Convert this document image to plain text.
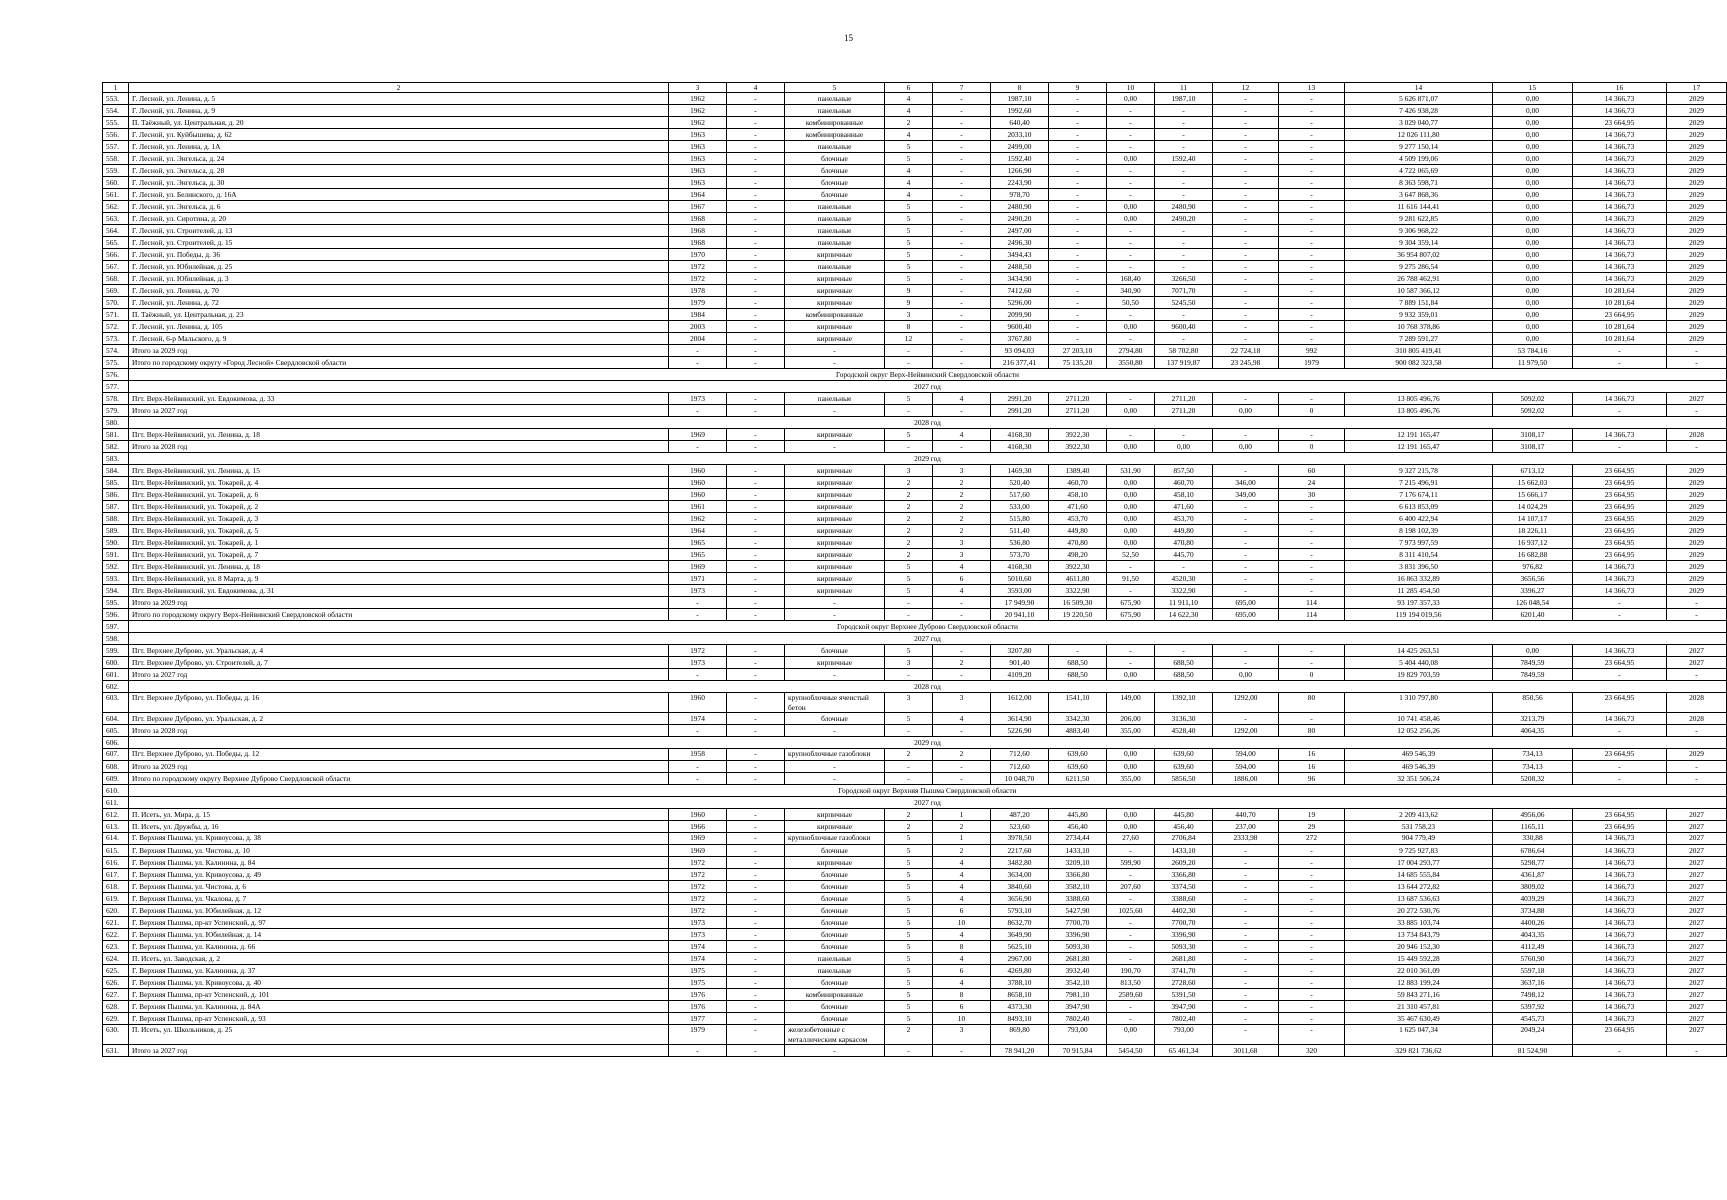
15
1	2	3	4	5	6	7	8	9	10	11	12	13	14	15	16	17
553.	Г. Лесной, ул. Ленина, д. 5	1962	-	панельные	4	-	1987,10	-	0,00	1987,10	-	-	5 626 871,07	0,00	14 366,73	2029
554.	Г. Лесной, ул. Ленина, д. 9	1962	-	панельные	4	-	1992,60	-	-	-	-	-	7 426 938,28	0,00	14 366,73	2029
555.	П. Таёжный, ул. Центральная, д. 20	1962	-	комбинированные	2	-	640,40	-	-	-	-	-	3 029 040,77	0,00	23 664,95	2029
556.	Г. Лесной, ул. Куйбышева, д. 62	1963	-	комбинированные	4	-	2033,10	-	-	-	-	-	12 026 111,80	0,00	14 366,73	2029
557.	Г. Лесной, ул. Ленина, д. 1А	1963	-	панельные	5	-	2499,00	-	-	-	-	-	9 277 150,14	0,00	14 366,73	2029
558.	Г. Лесной, ул. Энгельса, д. 24	1963	-	блочные	5	-	1592,40	-	0,00	1592,40	-	-	4 509 199,06	0,00	14 366,73	2029
559.	Г. Лесной, ул. Энгельса, д. 28	1963	-	блочные	4	-	1266,90	-	-	-	-	-	4 722 065,69	0,00	14 366,73	2029
560.	Г. Лесной, ул. Энгельса, д. 30	1963	-	блочные	4	-	2243,90	-	-	-	-	-	8 363 598,71	0,00	14 366,73	2029
561.	Г. Лесной, ул. Белинского, д. 16А	1964	-	блочные	4	-	978,70	-	-	-	-	-	3 647 868,36	0,00	14 366,73	2029
562.	Г. Лесной, ул. Энгельса, д. 6	1967	-	панельные	5	-	2480,90	-	0,00	2480,90	-	-	11 616 144,41	0,00	14 366,73	2029
563.	Г. Лесной, ул. Сиротина, д. 20	1968	-	панельные	5	-	2490,20	-	0,00	2490,20	-	-	9 281 622,85	0,00	14 366,73	2029
564.	Г. Лесной, ул. Строителей, д. 13	1968	-	панельные	5	-	2497,00	-	-	-	-	-	9 306 968,22	0,00	14 366,73	2029
565.	Г. Лесной, ул. Строителей, д. 15	1968	-	панельные	5	-	2496,30	-	-	-	-	-	9 304 359,14	0,00	14 366,73	2029
566.	Г. Лесной, ул. Победы, д. 36	1970	-	кирпичные	5	-	3494,43	-	-	-	-	-	36 954 807,02	0,00	14 366,73	2029
567.	Г. Лесной, ул. Юбилейная, д. 25	1972	-	панельные	5	-	2488,50	-	-	-	-	-	9 275 286,54	0,00	14 366,73	2029
568.	Г. Лесной, ул. Юбилейная, д. 3	1972	-	кирпичные	5	-	3434,90	-	168,40	3266,50	-	-	26 788 462,91	0,00	14 366,73	2029
569.	Г. Лесной, ул. Ленина, д. 70	1978	-	кирпичные	9	-	7412,60	-	340,90	7071,70	-	-	10 587 366,12	0,00	10 281,64	2029
570.	Г. Лесной, ул. Ленина, д. 72	1979	-	кирпичные	9	-	5296,00	-	50,50	5245,50	-	-	7 889 151,84	0,00	10 281,64	2029
571.	П. Таёжный, ул. Центральная, д. 23	1984	-	комбинированные	3	-	2099,90	-	-	-	-	-	9 932 359,01	0,00	23 664,95	2029
572.	Г. Лесной, ул. Ленина, д. 105	2003	-	кирпичные	8	-	9600,40	-	0,00	9600,40	-	-	10 768 378,86	0,00	10 281,64	2029
573.	Г. Лесной, 6-р Мальского, д. 9	2004	-	кирпичные	12	-	3767,80	-	-	-	-	-	7 289 591,27	0,00	10 281,64	2029
574.	Итого за 2029 год	-	-	-	-	-	93 094,03	27 203,10	2794,80	58 702,80	22 724,18	992	310 805 419,41	53 784,16	-	-
575.	Итого по городскому округу «Город Лесной» Свердловской области	-	-	-	-	-	216 377,41	75 135,20	3550,80	137 919,87	23 245,98	1979	900 082 323,58	11 979,50	-	-
576.	Городской округ Верх-Нейвинский Свердловской области															
577.	2027 год															
578.	Пгт. Верх-Нейвинский, ул. Евдокимова, д. 33	1973	-	панельные	5	4	2991,20	2711,20	-	2711,20	-	-	13 805 496,76	5092,02	14 366,73	2027
579.	Итого за 2027 год	-	-	-	-	-	2991,20	2711,20	0,00	2711,20	0,00	0	13 805 496,76	5092,02	-	-
580.	2028 год															
581.	Пгт. Верх-Нейвинский, ул. Ленина, д. 18	1969	-	кирпичные	5	4	4168,30	3922,30	-	-	-	-	12 191 165,47	3108,17	14 366,73	2028
582.	Итого за 2028 год	-	-	-	-	-	4168,30	3922,30	0,00	0,00	0,00	0	12 191 165,47	3108,17	-	-
583.	2029 год															
584.	Пгт. Верх-Нейвинский, ул. Ленина, д. 15	1960	-	кирпичные	3	3	1469,30	1389,40	531,90	857,50	-	60	9 327 215,78	6713,12	23 664,95	2029
585.	Пгт. Верх-Нейвинский, ул. Токарей, д. 4	1960	-	кирпичные	2	2	520,40	460,70	0,00	460,70	346,00	24	7 215 496,91	15 662,03	23 664,95	2029
586.	Пгт. Верх-Нейвинский, ул. Токарей, д. 6	1960	-	кирпичные	2	2	517,60	458,10	0,00	458,10	349,00	30	7 176 674,11	15 666,17	23 664,95	2029
587.	Пгт. Верх-Нейвинский, ул. Токарей, д. 2	1961	-	кирпичные	2	2	533,00	471,60	0,00	471,60	-	-	6 613 853,09	14 024,29	23 664,95	2029
588.	Пгт. Верх-Нейвинский, ул. Токарей, д. 3	1962	-	кирпичные	2	2	515,80	453,70	0,00	453,70	-	-	6 400 422,94	14 107,17	23 664,95	2029
589.	Пгт. Верх-Нейвинский, ул. Токарей, д. 5	1964	-	кирпичные	2	2	511,40	449,80	0,00	449,80	-	-	8 198 102,39	18 226,11	23 664,95	2029
590.	Пгт. Верх-Нейвинский, ул. Токарей, д. 1	1965	-	кирпичные	2	3	536,80	470,80	0,00	470,80	-	-	7 973 997,59	16 937,12	23 664,95	2029
591.	Пгт. Верх-Нейвинский, ул. Токарей, д. 7	1965	-	кирпичные	2	3	573,70	498,20	52,50	445,70	-	-	8 311 410,54	16 682,88	23 664,95	2029
592.	Пгт. Верх-Нейвинский, ул. Ленина, д. 18	1969	-	кирпичные	5	4	4168,30	3922,30	-	-	-	-	3 831 396,50	976,82	14 366,73	2029
593.	Пгт. Верх-Нейвинский, ул. 8 Марта, д. 9	1971	-	кирпичные	5	6	5010,60	4611,80	91,50	4520,30	-	-	16 863 332,89	3656,56	14 366,73	2029
594.	Пгт. Верх-Нейвинский, ул. Евдокимова, д. 31	1973	-	кирпичные	5	4	3593,00	3322,90	-	3322,90	-	-	11 285 454,50	3396,27	14 366,73	2029
595.	Итого за 2029 год	-	-	-	-	-	17 949,90	16 509,30	675,90	11 911,10	695,00	114	93 197 357,33	126 048,54	-	-
596.	Итого по городскому округу Верх-Нейвинский Свердловской области	-	-	-	-	-	20 941,10	19 220,50	675,90	14 622,30	695,00	114	119 194 019,56	6201,40	-	-
597.	Городской округ Верхнее Дуброво Свердловской области															
598.	2027 год															
599.	Пгт. Верхнее Дуброво, ул. Уральская, д. 4	1972	-	блочные	5	-	3207,80	-	-	-	-	-	14 425 263,51	0,00	14 366,73	2027
600.	Пгт. Верхнее Дуброво, ул. Строителей, д. 7	1973	-	кирпичные	3	2	901,40	688,50	-	688,50	-	-	5 404 440,08	7849,59	23 664,95	2027
601.	Итого за 2027 год	-	-	-	-	-	4109,20	688,50	0,00	688,50	0,00	0	19 829 703,59	7849,59	-	-
602.	2028 год															
603.	Пгт. Верхнее Дуброво, ул. Победы, д. 16	1960	-	крупноблочные ячеистый бетон	3	3	1612,00	1541,10	149,00	1392,10	1292,00	80	1 310 797,80	850,56	23 664,95	2028
604.	Пгт. Верхнее Дуброво, ул. Уральская, д. 2	1974	-	блочные	5	4	3614,90	3342,30	206,00	3136,30	-	-	10 741 458,46	3213,79	14 366,73	2028
605.	Итого за 2028 год	-	-	-	-	-	5226,90	4883,40	355,00	4528,40	1292,00	80	12 052 256,26	4064,35	-	-
606.	2029 год															
607.	Пгт. Верхнее Дуброво, ул. Победы, д. 12	1958	-	крупноблочные газоблоки	2	2	712,60	639,60	0,00	639,60	594,00	16	469 546,39	734,13	23 664,95	2029
608.	Итого за 2029 год	-	-	-	-	-	712,60	639,60	0,00	639,60	594,00	16	469 546,39	734,13	-	-
609.	Итого по городскому округу Верхнее Дуброво Свердловской области	-	-	-	-	-	10 048,70	6211,50	355,00	5856,50	1886,00	96	32 351 506,24	5208,32	-	-
610.	Городской округ Верхняя Пышма Свердловской области															
611.	2027 год															
612.	П. Исеть, ул. Мира, д. 15	1960	-	кирпичные	2	1	487,20	445,80	0,00	445,80	440,70	19	2 209 413,62	4956,06	23 664,95	2027
613.	П. Исеть, ул. Дружбы, д. 16	1966	-	кирпичные	2	2	523,60	456,40	0,00	456,40	237,00	29	531 758,23	1165,11	23 664,95	2027
614.	Г. Верхняя Пышма, ул. Кривоусова, д. 38	1969	-	крупноблочные газоблоки	5	1	3978,50	2734,44	27,60	2706,84	2333,98	272	904 779,49	330,88	14 366,73	2027
615.	Г. Верхняя Пышма, ул. Чистова, д. 10	1969	-	блочные	5	2	2217,60	1433,10	-	1433,10	-	-	9 725 927,83	6786,64	14 366,73	2027
616.	Г. Верхняя Пышма, ул. Калинина, д. 84	1972	-	кирпичные	5	4	3482,80	3209,10	599,90	2609,20	-	-	17 004 293,77	5298,77	14 366,73	2027
617.	Г. Верхняя Пышма, ул. Кривоусова, д. 49	1972	-	блочные	5	4	3634,00	3366,80	-	3366,80	-	-	14 685 555,84	4361,87	14 366,73	2027
618.	Г. Верхняя Пышма, ул. Чистова, д. 6	1972	-	блочные	5	4	3840,60	3582,10	207,60	3374,50	-	-	13 644 272,82	3809,02	14 366,73	2027
619.	Г. Верхняя Пышма, ул. Чкалова, д. 7	1972	-	блочные	5	4	3656,90	3388,60	-	3388,60	-	-	13 687 536,63	4039,29	14 366,73	2027
620.	Г. Верхняя Пышма, ул. Юбилейная, д. 12	1972	-	блочные	5	6	5793,10	5427,90	1025,60	4402,30	-	-	20 272 530,76	3734,88	14 366,73	2027
621.	Г. Верхняя Пышма, пр-кт Успенский, д. 97	1973	-	блочные	5	10	8632,70	7700,70	-	7700,70	-	-	33 885 103,74	4400,26	14 366,73	2027
622.	Г. Верхняя Пышма, ул. Юбилейная, д. 14	1973	-	блочные	5	4	3649,90	3396,90	-	3396,90	-	-	13 734 843,79	4043,35	14 366,73	2027
623.	Г. Верхняя Пышма, ул. Калинина, д. 66	1974	-	блочные	5	8	5625,10	5093,30	-	5093,30	-	-	20 946 152,30	4112,49	14 366,73	2027
624.	П. Исеть, ул. Заводская, д. 2	1974	-	панельные	5	4	2967,00	2681,80	-	2681,80	-	-	15 449 592,28	5760,90	14 366,73	2027
625.	Г. Верхняя Пышма, ул. Калинина, д. 37	1975	-	панельные	5	6	4269,80	3932,40	190,70	3741,70	-	-	22 010 361,09	5597,18	14 366,73	2027
626.	Г. Верхняя Пышма, ул. Кривоусова, д. 40	1975	-	блочные	5	4	3788,10	3542,10	813,50	2728,60	-	-	12 883 199,24	3637,16	14 366,73	2027
627.	Г. Верхняя Пышма, пр-кт Успенский, д. 101	1976	-	комбинированные	5	8	8658,10	7981,10	2589,60	5391,50	-	-	59 843 271,16	7498,12	14 366,73	2027
628.	Г. Верхняя Пышма, ул. Калинина, д. 84А	1976	-	блочные	5	6	4373,30	3947,90	-	3947,90	-	-	21 310 457,81	5397,92	14 366,73	2027
629.	Г. Верхняя Пышма, пр-кт Успенский, д. 93	1977	-	блочные	5	10	8493,10	7802,40	-	7802,40	-	-	35 467 630,49	4545,73	14 366,73	2027
630.	П. Исеть, ул. Школьников, д. 25	1979	-	железобетонные с металлическим каркасом	2	3	869,80	793,00	0,00	793,00	-	-	1 625 047,34	2049,24	23 664,95	2027
631.	Итого за 2027 год	-	-	-	-	-	78 941,20	70 915,84	5454,50	65 461,34	3011,68	320	329 821 736,62	81 524,90	-	-
